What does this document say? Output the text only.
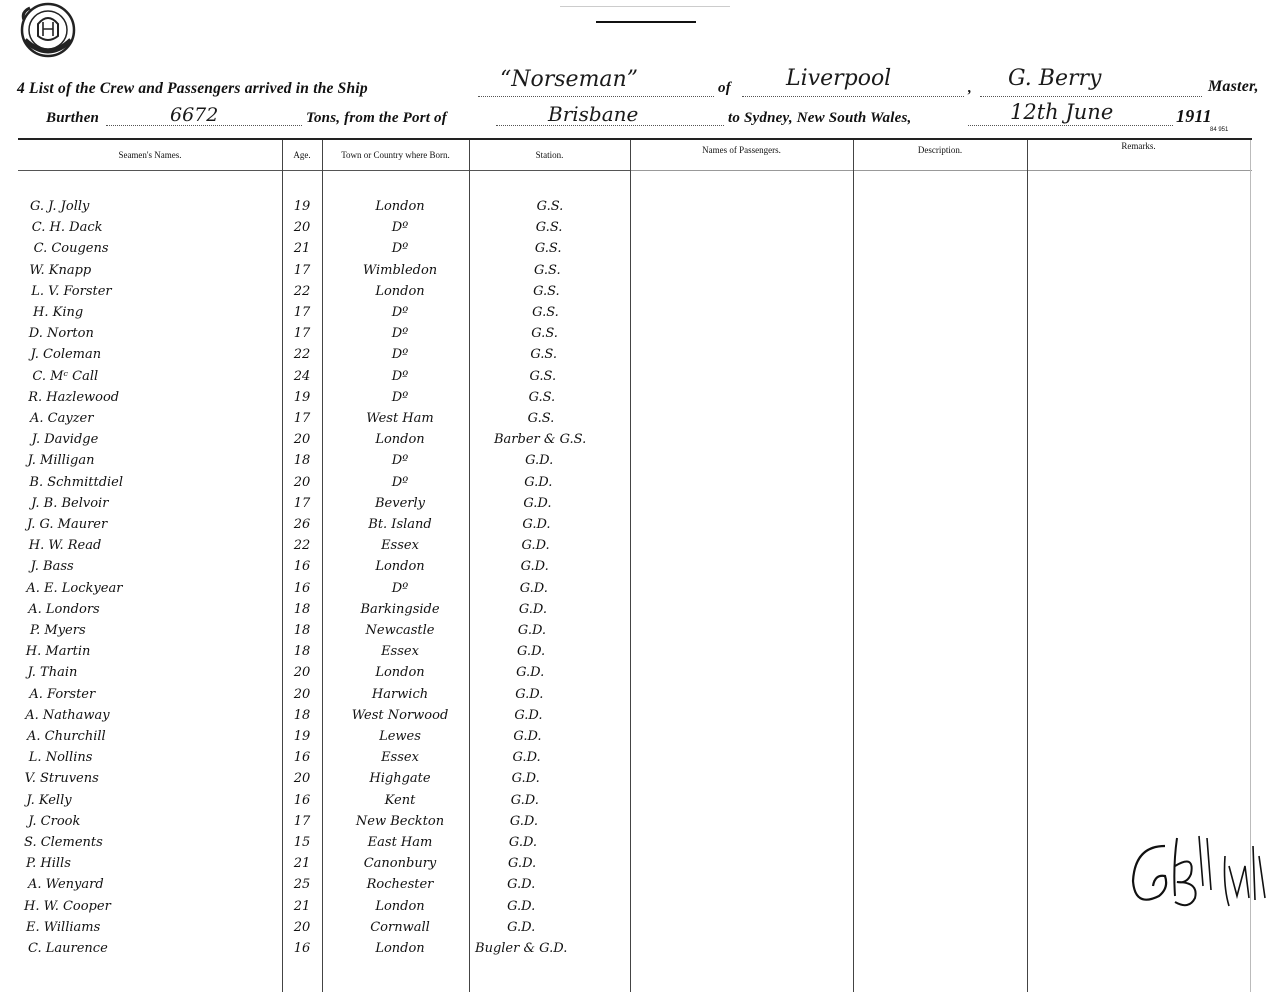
4 List of the Crew and Passengers arrived in the Ship	“Norseman”	of	Liverpool	, G. Berry	Master,
Burthen	6672	Tons, from the Port of	Brisbane	to Sydney, New South Wales,	12th June	1911
84 951
Seamen's Names.	Age.	Town or Country where Born.	Station.	Names of Passengers.	Description.	Remarks.
G. J. Jolly	19	London	G.S.
C. H. Dack	20	Dº	G.S.
C. Cougens	21	Dº	G.S.
W. Knapp	17	Wimbledon	G.S.
L. V. Forster	22	London	G.S.
H. King	17	Dº	G.S.
D. Norton	17	Dº	G.S.
J. Coleman	22	Dº	G.S.
C. Mᶜ Call	24	Dº	G.S.
R. Hazlewood	19	Dº	G.S.
A. Cayzer	17	West Ham	G.S.
J. Davidge	20	London	Barber & G.S.
J. Milligan	18	Dº	G.D.
B. Schmittdiel	20	Dº	G.D.
J. B. Belvoir	17	Beverly	G.D.
J. G. Maurer	26	Bt. Island	G.D.
H. W. Read	22	Essex	G.D.
J. Bass	16	London	G.D.
A. E. Lockyear	16	Dº	G.D.
A. Londors	18	Barkingside	G.D.
P. Myers	18	Newcastle	G.D.
H. Martin	18	Essex	G.D.
J. Thain	20	London	G.D.
A. Forster	20	Harwich	G.D.
A. Nathaway	18	West Norwood	G.D.
A. Churchill	19	Lewes	G.D.
L. Nollins	16	Essex	G.D.
V. Struvens	20	Highgate	G.D.
J. Kelly	16	Kent	G.D.
J. Crook	17	New Beckton	G.D.
S. Clements	15	East Ham	G.D.
P. Hills	21	Canonbury	G.D.
A. Wenyard	25	Rochester	G.D.
H. W. Cooper	21	London	G.D.
E. Williams	20	Cornwall	G.D.
C. Laurence	16	London	Bugler & G.D.
